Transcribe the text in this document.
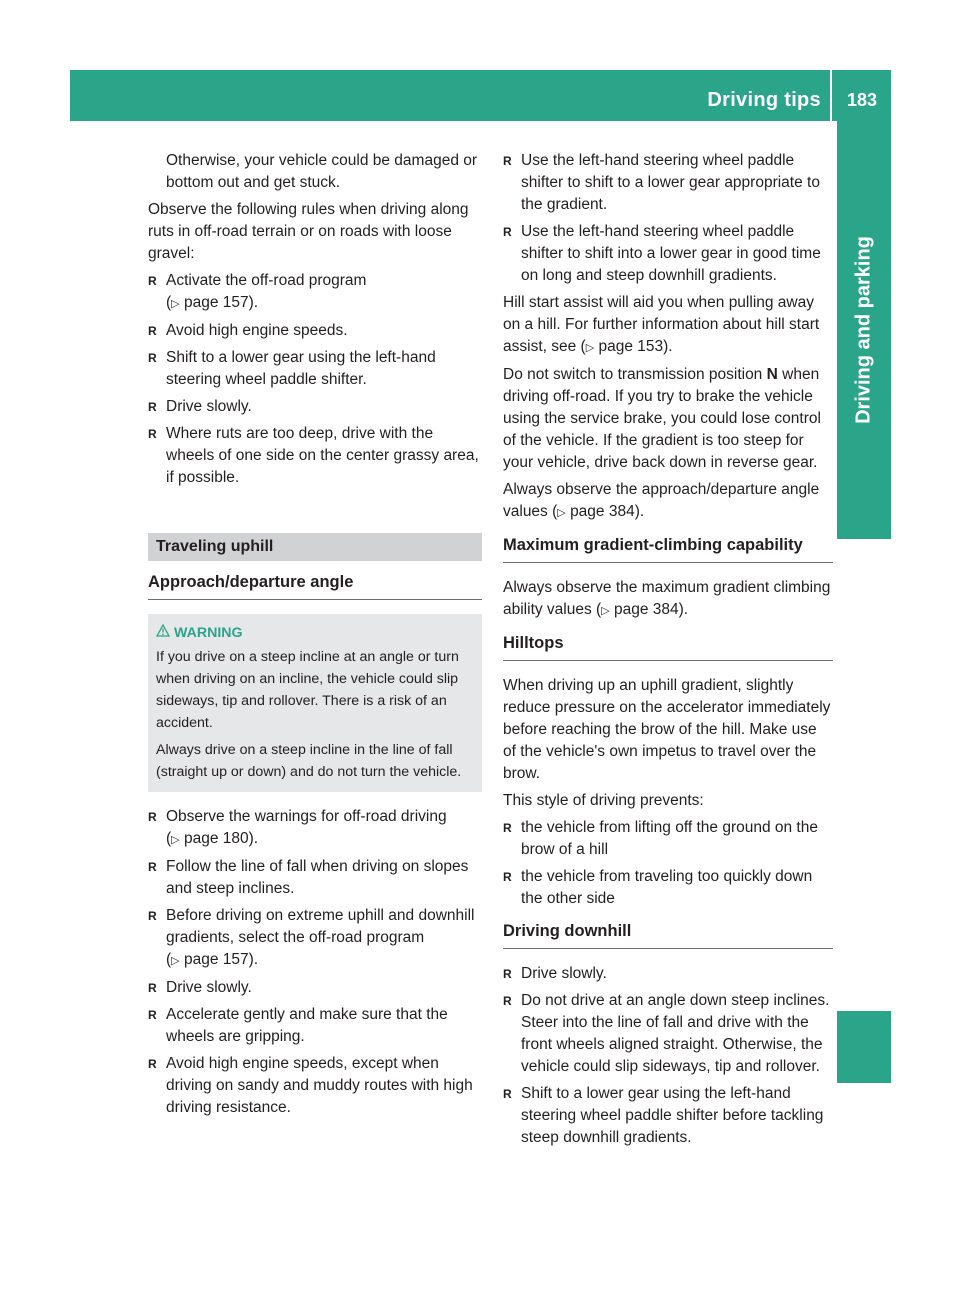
Driving tips	183
Driving and parking

Otherwise, your vehicle could be damaged or bottom out and get stuck.

Observe the following rules when driving along ruts in off-road terrain or on roads with loose gravel:

R Activate the off-road program
(▷ page 157).
R Avoid high engine speeds.
R Shift to a lower gear using the left-hand steering wheel paddle shifter.
R Drive slowly.
R Where ruts are too deep, drive with the wheels of one side on the center grassy area, if possible.
Traveling uphill
Approach/departure angle
WARNING

If you drive on a steep incline at an angle or turn when driving on an incline, the vehicle could slip sideways, tip and rollover. There is a risk of an accident.

Always drive on a steep incline in the line of fall (straight up or down) and do not turn the vehicle.

R Observe the warnings for off-road driving
(▷ page 180).
R Follow the line of fall when driving on slopes and steep inclines.
R Before driving on extreme uphill and downhill gradients, select the off-road program
(▷ page 157).
R Drive slowly.
R Accelerate gently and make sure that the wheels are gripping.
R Avoid high engine speeds, except when driving on sandy and muddy routes with high driving resistance.
R Use the left-hand steering wheel paddle shifter to shift to a lower gear appropriate to the gradient.
R Use the left-hand steering wheel paddle shifter to shift into a lower gear in good time on long and steep downhill gradients.

Hill start assist will aid you when pulling away on a hill. For further information about hill start assist, see (▷ page 153).

Do not switch to transmission position N when driving off-road. If you try to brake the vehicle using the service brake, you could lose control of the vehicle. If the gradient is too steep for your vehicle, drive back down in reverse gear.

Always observe the approach/departure angle values (▷ page 384).

Maximum gradient-climbing capability

Always observe the maximum gradient climbing ability values (▷ page 384).

Hilltops

When driving up an uphill gradient, slightly reduce pressure on the accelerator immediately before reaching the brow of the hill. Make use of the vehicle's own impetus to travel over the brow.

This style of driving prevents:

R the vehicle from lifting off the ground on the brow of a hill
R the vehicle from traveling too quickly down the other side
Driving downhill
R Drive slowly.
R Do not drive at an angle down steep inclines. Steer into the line of fall and drive with the front wheels aligned straight. Otherwise, the vehicle could slip sideways, tip and rollover.
R Shift to a lower gear using the left-hand steering wheel paddle shifter before tackling steep downhill gradients.
